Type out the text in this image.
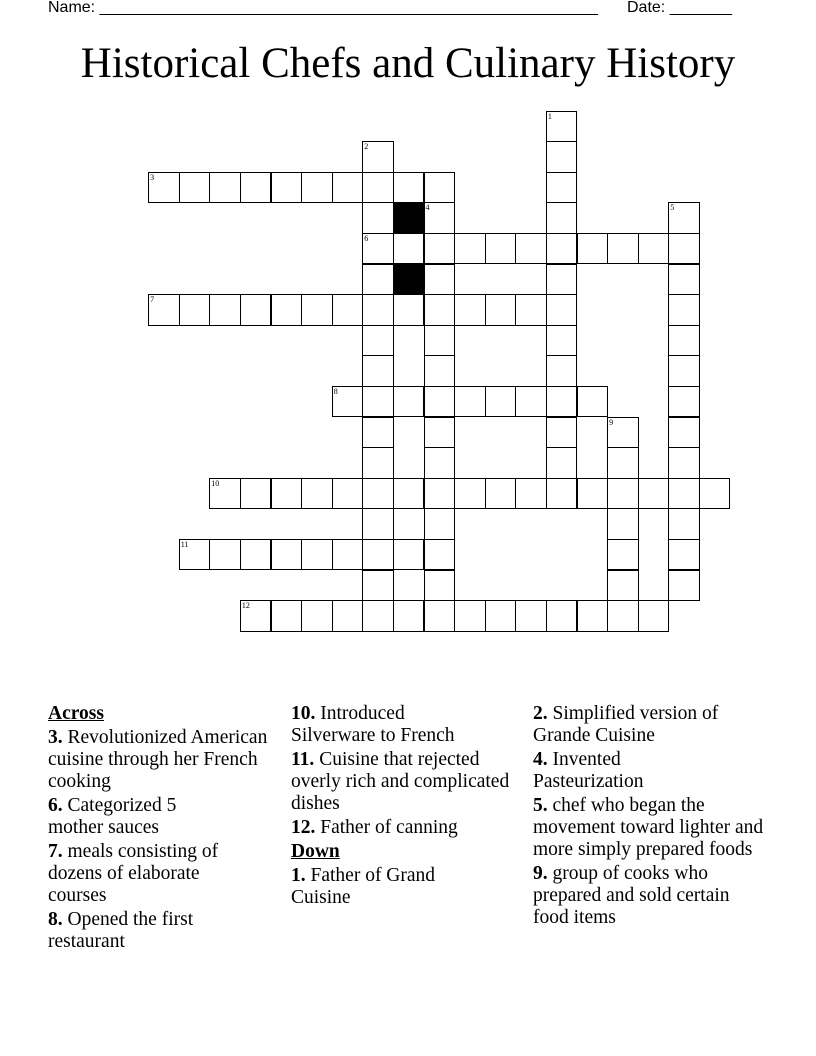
Name: ________________________________________________________ Date: _______
Historical Chefs and Culinary History
1
2
6
3
4	5
7
8
9
10
11
12
Across
3. Revolutionized American cuisine through her French cooking
6. Categorized 5 mother sauces
7. meals consisting of dozens of elaborate courses
8. Opened the first restaurant
10. Introduced Silverware to French
11. Cuisine that rejected overly rich and complicated dishes
12. Father of canning
Down
1. Father of Grand Cuisine
2. Simplified version of Grande Cuisine
4. Invented Pasteurization
5. chef who began the movement toward lighter and more simply prepared foods
9. group of cooks who prepared and sold certain food items
